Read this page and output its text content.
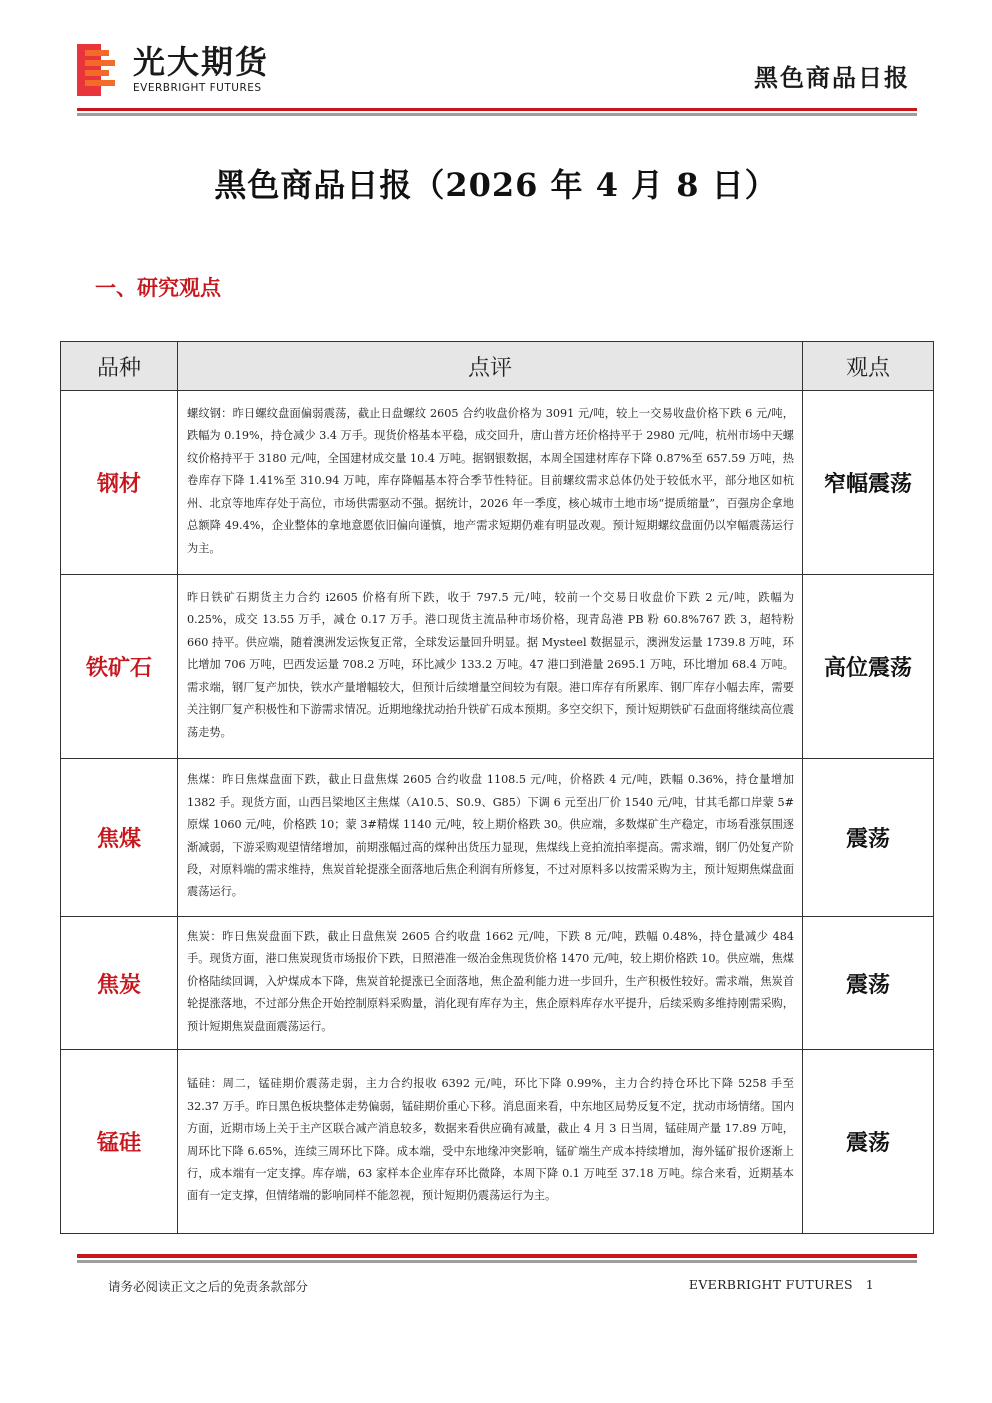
光大期货
EVERBRIGHT FUTURES	黑色商品日报
黑色商品日报（2026 年 4 月 8 日）
一、研究观点
品种	点评	观点
钢材	螺纹钢：昨日螺纹盘面偏弱震荡，截止日盘螺纹 2605 合约收盘价格为 3091 元/吨，较上一交易收盘价格下跌 6 元/吨，跌幅为 0.19%，持仓减少 3.4 万手。现货价格基本平稳，成交回升，唐山普方坯价格持平于 2980 元/吨，杭州市场中天螺纹价格持平于 3180 元/吨，全国建材成交量 10.4 万吨。据钢银数据，本周全国建材库存下降 0.87%至 657.59 万吨，热卷库存下降 1.41%至 310.94 万吨，库存降幅基本符合季节性特征。目前螺纹需求总体仍处于较低水平，部分地区如杭州、北京等地库存处于高位，市场供需驱动不强。据统计，2026 年一季度，核心城市土地市场“提质缩量”，百强房企拿地总额降 49.4%，企业整体的拿地意愿依旧偏向谨慎，地产需求短期仍难有明显改观。预计短期螺纹盘面仍以窄幅震荡运行为主。	窄幅震荡
铁矿石	昨日铁矿石期货主力合约 i2605 价格有所下跌，收于 797.5 元/吨，较前一个交易日收盘价下跌 2 元/吨，跌幅为 0.25%，成交 13.55 万手，减仓 0.17 万手。港口现货主流品种市场价格，现青岛港 PB 粉 60.8%767 跌 3，超特粉 660 持平。供应端，随着澳洲发运恢复正常，全球发运量回升明显。据 Mysteel 数据显示，澳洲发运量 1739.8 万吨，环比增加 706 万吨，巴西发运量 708.2 万吨，环比减少 133.2 万吨。47 港口到港量 2695.1 万吨，环比增加 68.4 万吨。需求端，钢厂复产加快，铁水产量增幅较大，但预计后续增量空间较为有限。港口库存有所累库、钢厂库存小幅去库，需要关注钢厂复产积极性和下游需求情况。近期地缘扰动抬升铁矿石成本预期。多空交织下，预计短期铁矿石盘面将继续高位震荡走势。	高位震荡
焦煤	焦煤：昨日焦煤盘面下跌，截止日盘焦煤 2605 合约收盘 1108.5 元/吨，价格跌 4 元/吨，跌幅 0.36%，持仓量增加 1382 手。现货方面，山西吕梁地区主焦煤（A10.5、S0.9、G85）下调 6 元至出厂价 1540 元/吨，甘其毛都口岸蒙 5#原煤 1060 元/吨，价格跌 10；蒙 3#精煤 1140 元/吨，较上期价格跌 30。供应端，多数煤矿生产稳定，市场看涨氛围逐渐减弱，下游采购观望情绪增加，前期涨幅过高的煤种出货压力显现，焦煤线上竞拍流拍率提高。需求端，钢厂仍处复产阶段，对原料端的需求维持，焦炭首轮提涨全面落地后焦企利润有所修复，不过对原料多以按需采购为主，预计短期焦煤盘面震荡运行。	震荡
焦炭	焦炭：昨日焦炭盘面下跌，截止日盘焦炭 2605 合约收盘 1662 元/吨，下跌 8 元/吨，跌幅 0.48%，持仓量减少 484 手。现货方面，港口焦炭现货市场报价下跌，日照港准一级冶金焦现货价格 1470 元/吨，较上期价格跌 10。供应端，焦煤价格陆续回调，入炉煤成本下降，焦炭首轮提涨已全面落地，焦企盈利能力进一步回升，生产积极性较好。需求端，焦炭首轮提涨落地，不过部分焦企开始控制原料采购量，消化现有库存为主，焦企原料库存水平提升，后续采购多维持刚需采购，预计短期焦炭盘面震荡运行。	震荡
锰硅	锰硅：周二，锰硅期价震荡走弱，主力合约报收 6392 元/吨，环比下降 0.99%，主力合约持仓环比下降 5258 手至 32.37 万手。昨日黑色板块整体走势偏弱，锰硅期价重心下移。消息面来看，中东地区局势反复不定，扰动市场情绪。国内方面，近期市场上关于主产区联合减产消息较多，数据来看供应确有减量，截止 4 月 3 日当周，锰硅周产量 17.89 万吨，周环比下降 6.65%，连续三周环比下降。成本端，受中东地缘冲突影响，锰矿端生产成本持续增加，海外锰矿报价逐渐上行，成本端有一定支撑。库存端，63 家样本企业库存环比微降，本周下降 0.1 万吨至 37.18 万吨。综合来看，近期基本面有一定支撑，但情绪端的影响同样不能忽视，预计短期仍震荡运行为主。	震荡
请务必阅读正文之后的免责条款部分	EVERBRIGHT FUTURES 1
